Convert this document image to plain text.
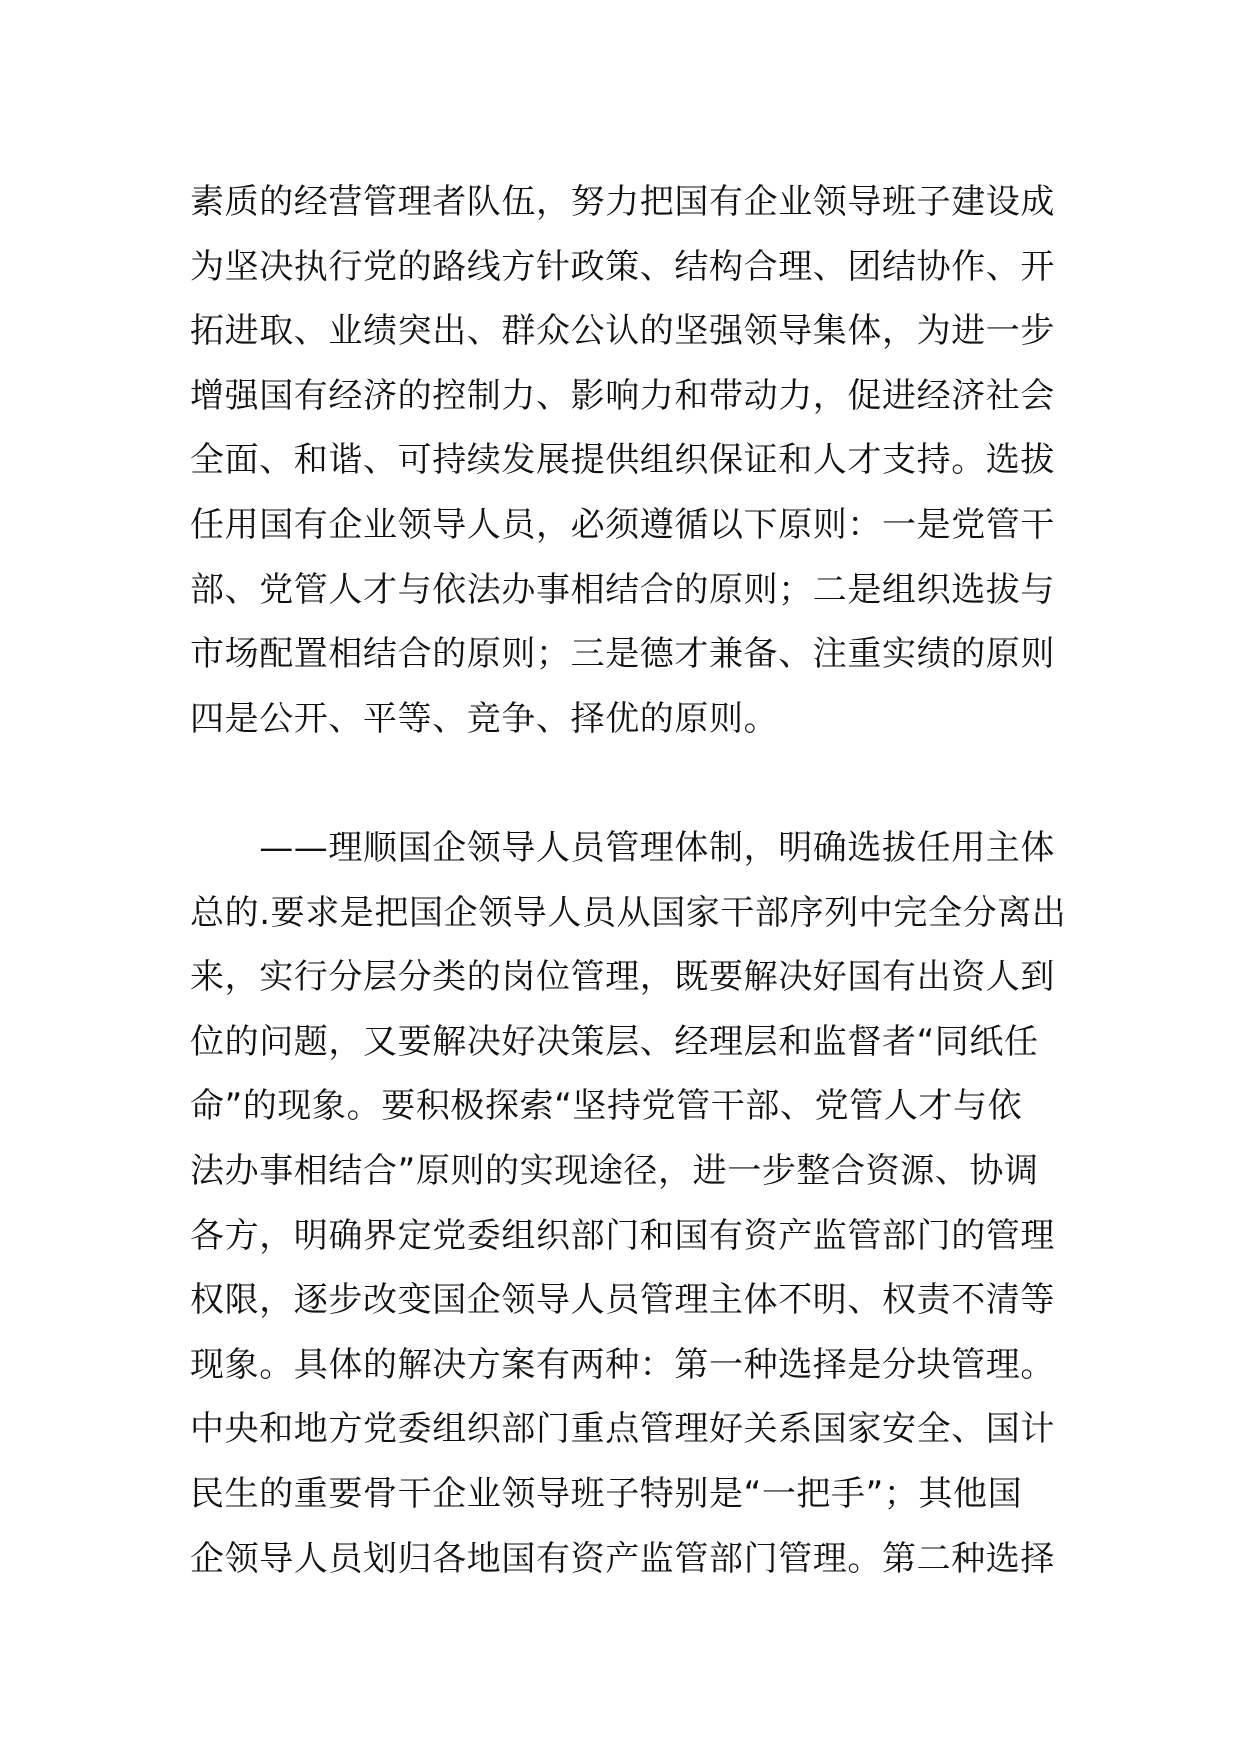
素质的经营管理者队伍，努力把国有企业领导班子建设成
为坚决执行党的路线方针政策、结构合理、团结协作、开
拓进取、业绩突出、群众公认的坚强领导集体，为进一步
增强国有经济的控制力、影响力和带动力，促进经济社会
全面、和谐、可持续发展提供组织保证和人才支持。选拔
任用国有企业领导人员，必须遵循以下原则：一是党管干
部、党管人才与依法办事相结合的原则；二是组织选拔与
市场配置相结合的原则；三是德才兼备、注重实绩的原则
四是公开、平等、竞争、择优的原则。
　　——理顺国企领导人员管理体制，明确选拔任用主体
总的.要求是把国企领导人员从国家干部序列中完全分离出
来，实行分层分类的岗位管理，既要解决好国有出资人到
位的问题，又要解决好决策层、经理层和监督者“同纸任
命”的现象。要积极探索“坚持党管干部、党管人才与依
法办事相结合”原则的实现途径，进一步整合资源、协调
各方，明确界定党委组织部门和国有资产监管部门的管理
权限，逐步改变国企领导人员管理主体不明、权责不清等
现象。具体的解决方案有两种：第一种选择是分块管理。
中央和地方党委组织部门重点管理好关系国家安全、国计
民生的重要骨干企业领导班子特别是“一把手”；其他国
企领导人员划归各地国有资产监管部门管理。第二种选择
